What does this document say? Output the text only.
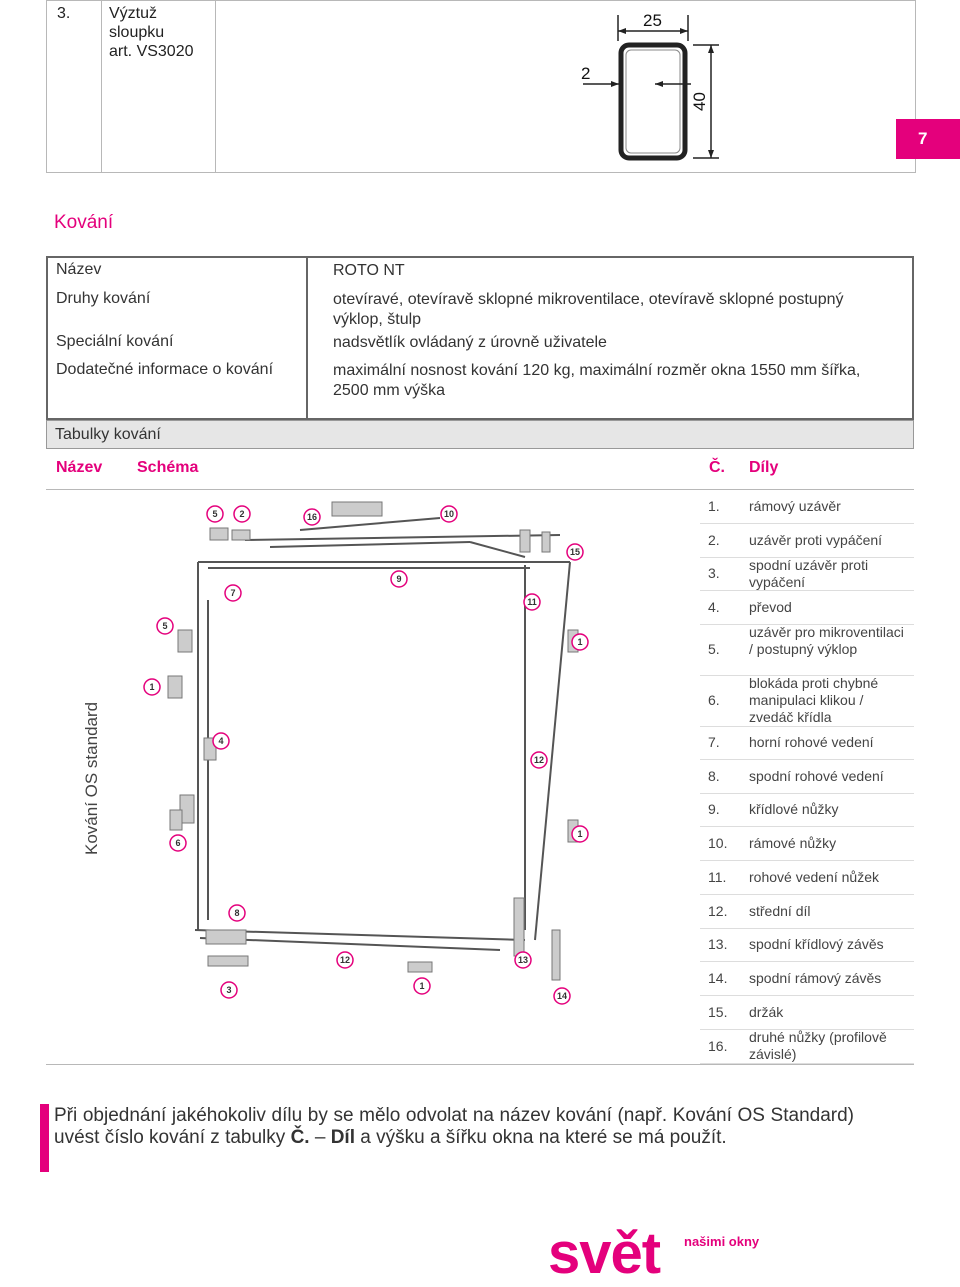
3. Výztuž sloupku
art. VS3020
25
2
40
7
Kování
Název	ROTO NT
Druhy kování	otevíravé, otevíravě sklopné mikroventilace, otevíravě sklopné postupný výklop, štulp
Speciální kování	nadsvětlík ovládaný z úrovně uživatele
Dodatečné informace o kování	maximální nosnost kování 120 kg, maximální rozměr okna 1550 mm šířka, 2500 mm výška
Tabulky kování
Název Schéma	Č. Díly
Kování OS standard
5 2	16	10
15
7
9
11
5
1
1
4
12
6
1
8
12	13
1
3
14
1. rámový uzávěr
2. uzávěr proti vypáčení
3. spodní uzávěr proti vypáčení
4. převod
5.
uzávěr pro mikroventilaci / postupný výklop
6.
blokáda proti chybné manipulaci klikou / zvedáč křídla
7. horní rohové vedení
8. spodní rohové vedení
9. křídlové nůžky
10. rámové nůžky
11. rohové vedení nůžek
12. střední díl
13. spodní křídlový závěs
14. spodní rámový závěs
15. držák
16.
druhé nůžky (profilově závislé)
Při objednání jakéhokoliv dílu by se mělo odvolat na název kování (např. Kování OS Standard) uvést číslo kování z tabulky Č. – Díl a výšku a šířku okna na které se má použít.
svět našimi okny
